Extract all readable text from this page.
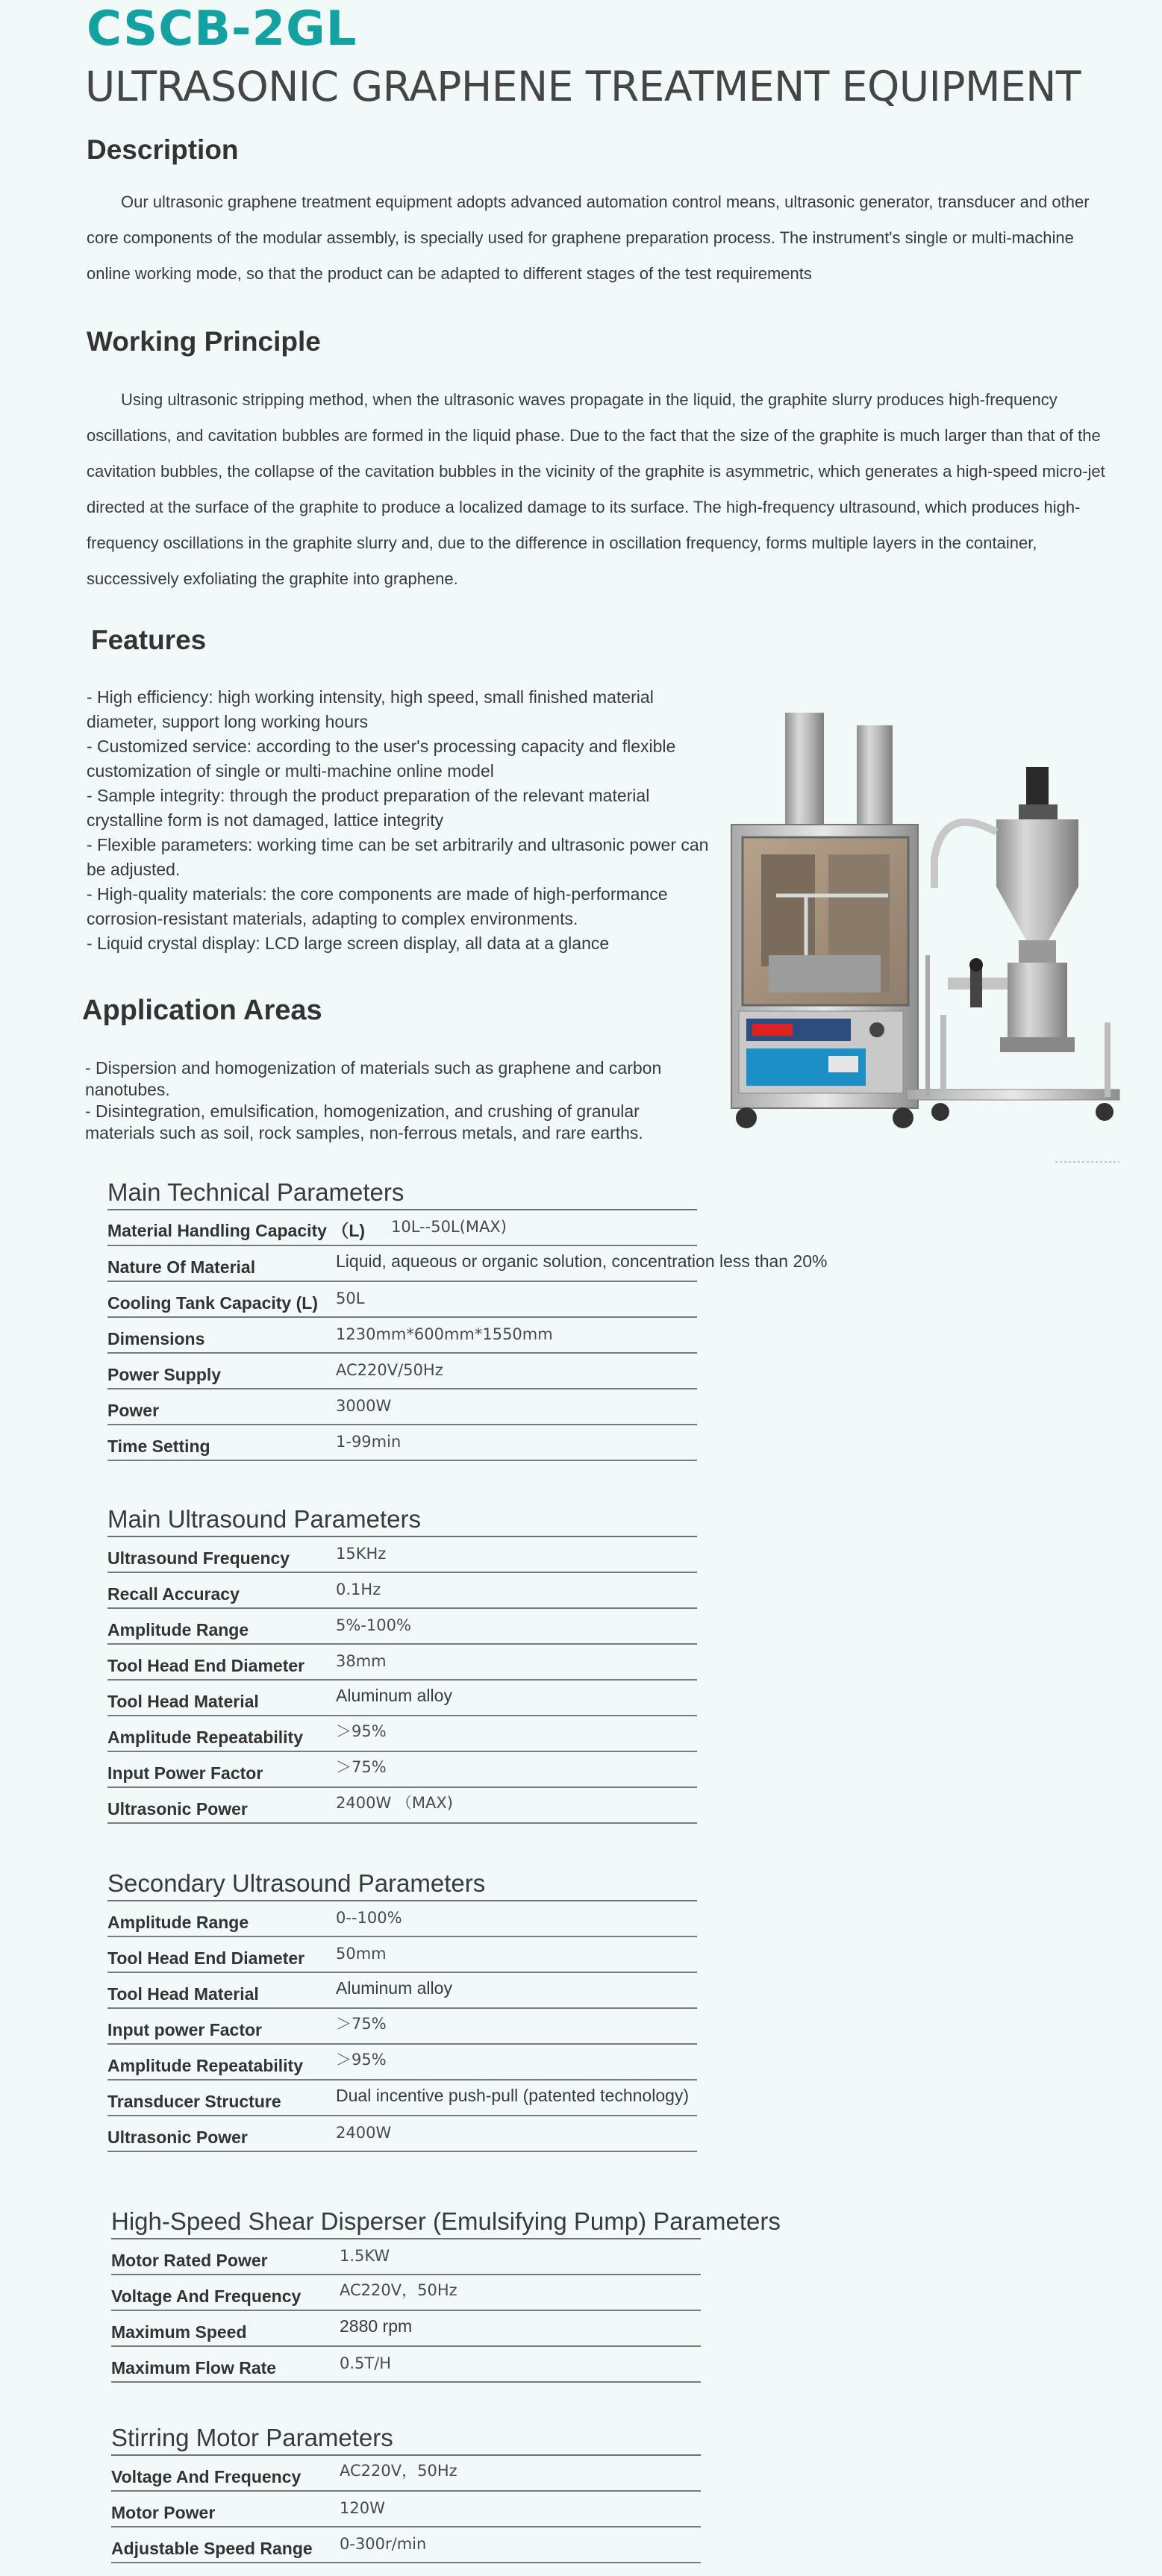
CSCB-2GL
ULTRASONIC GRAPHENE TREATMENT EQUIPMENT
Description

Our ultrasonic graphene treatment equipment adopts advanced automation control means, ultrasonic generator, transducer and other core components of the modular assembly, is specially used for graphene preparation process. The instrument's single or multi-machine online working mode, so that the product can be adapted to different stages of the test requirements

Working Principle

Using ultrasonic stripping method, when the ultrasonic waves propagate in the liquid, the graphite slurry produces high-frequency oscillations, and cavitation bubbles are formed in the liquid phase. Due to the fact that the size of the graphite is much larger than that of the cavitation bubbles, the collapse of the cavitation bubbles in the vicinity of the graphite is asymmetric, which generates a high-speed micro-jet directed at the surface of the graphite to produce a localized damage to its surface. The high-frequency ultrasound, which produces high-frequency oscillations in the graphite slurry and, due to the difference in oscillation frequency, forms multiple layers in the container, successively exfoliating the graphite into graphene.

Features
- High efficiency: high working intensity, high speed, small finished material diameter, support long working hours
- Customized service: according to the user's processing capacity and flexible customization of single or multi-machine online model
- Sample integrity: through the product preparation of the relevant material crystalline form is not damaged, lattice integrity
- Flexible parameters: working time can be set arbitrarily and ultrasonic power can be adjusted.
- High-quality materials: the core components are made of high-performance corrosion-resistant materials, adapting to complex environments.
- Liquid crystal display: LCD large screen display, all data at a glance
Application Areas
- Dispersion and homogenization of materials such as graphene and carbon nanotubes.
- Disintegration, emulsification, homogenization, and crushing of granular materials such as soil, rock samples, non-ferrous metals, and rare earths.
Main Technical Parameters
Material Handling Capacity （L) 10L--50L(MAX)
Nature Of Material	Liquid, aqueous or organic solution, concentration less than 20%
Cooling Tank Capacity (L) 50L
Dimensions	1230mm*600mm*1550mm
Power Supply	AC220V/50Hz
Power	3000W
Time Setting	1-99min
Main Ultrasound Parameters
Ultrasound Frequency	15KHz
Recall Accuracy	0.1Hz
Amplitude Range	5%-100%
Tool Head End Diameter 38mm
Tool Head Material	Aluminum alloy
Amplitude Repeatability ＞95%
Input Power Factor	＞75%
Ultrasonic Power	2400W （MAX)
Secondary Ultrasound Parameters
Amplitude Range	0--100%
Tool Head End Diameter 50mm
Tool Head Material	Aluminum alloy
Input power Factor	＞75%
Amplitude Repeatability ＞95%
Transducer Structure	Dual incentive push-pull (patented technology)
Ultrasonic Power	2400W
High-Speed Shear Disperser (Emulsifying Pump) Parameters
Motor Rated Power	1.5KW
Voltage And Frequency AC220V，50Hz
Maximum Speed	2880 rpm
Maximum Flow Rate	0.5T/H
Stirring Motor Parameters
Voltage And Frequency AC220V，50Hz
Motor Power	120W
Adjustable Speed Range 0-300r/min
